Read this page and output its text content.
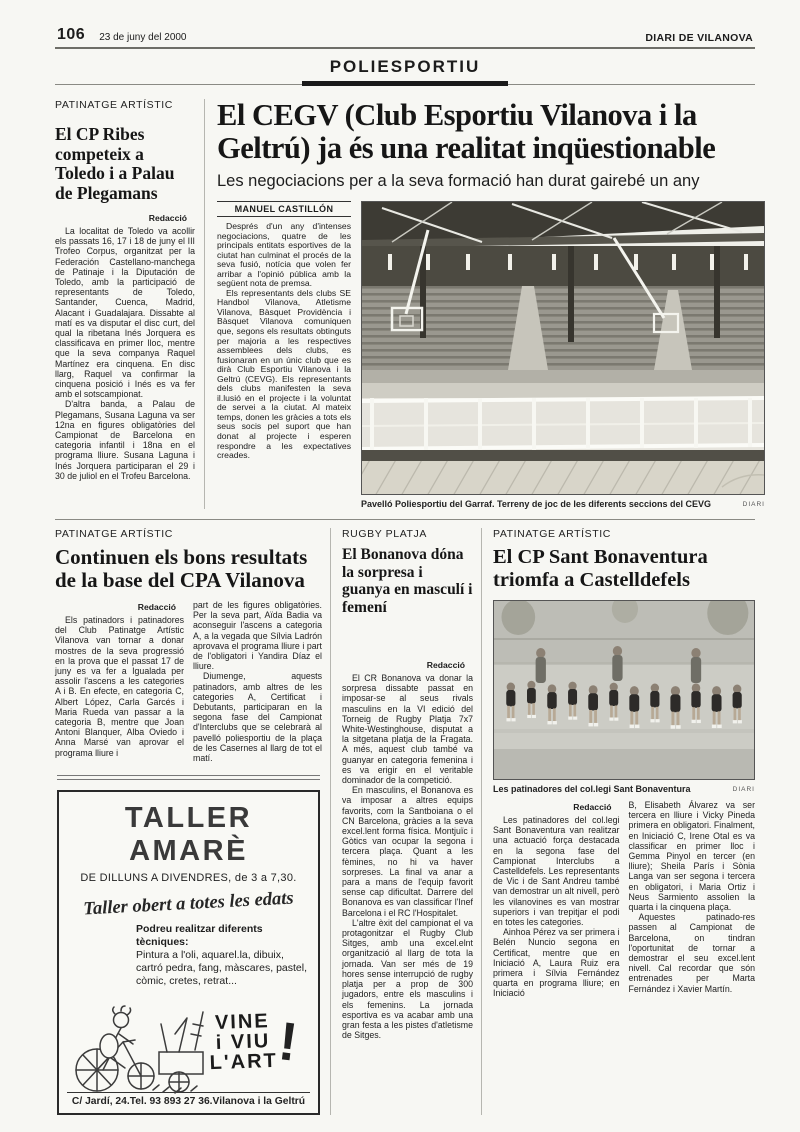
106 23 de juny del 2000	DIARI DE VILANOVA
POLIESPORTIU
PATINATGE ARTÍSTIC
El CP Ribes competeix a Toledo i a Palau de Plegamans
Redacció

La localitat de Toledo va acollir els passats 16, 17 i 18 de juny el III Trofeo Corpus, organitzat per la Federación Castellano-manchega de Patinaje i la Diputación de Toledo, amb la participació de representants de Toledo, Santander, Cuenca, Madrid, Alacant i Guadalajara. Dissabte al matí es va disputar el disc curt, del qual la ribetana Inés Jorquera es classificava en primer lloc, mentre que la seva companya Raquel Martínez era cinquena. En disc llarg, Raquel va confirmar la cinquena posició i Inés es va fer amb el sotscampionat.

D'altra banda, a Palau de Plegamans, Susana Laguna va ser 12na en figures obligatòries del Campionat de Barcelona en categoria infantil i 18na en el programa lliure. Susana Laguna i Inés Jorquera participaran el 29 i 30 de juliol en el Trofeu Barcelona.

El CEGV (Club Esportiu Vilanova i la Geltrú) ja és una realitat inqüestionable
Les negociacions per a la seva formació han durat gairebé un any
MANUEL CASTILLÓN

Després d'un any d'intenses negociacions, quatre de les principals entitats esportives de la ciutat han culminat el procés de la seva fusió, notícia que volen fer arribar a l'opinió pública amb la següent nota de premsa.

Els representants dels clubs SE Handbol Vilanova, Atletisme Vilanova, Bàsquet Providència i Bàsquet Vilanova comuniquen que, segons els resultats obtinguts per majoria a les respectives assemblees dels clubs, es fusionaran en un únic club que es dirà Club Esportiu Vilanova i la Geltrú (CEVG). Els representants dels clubs manifesten la seva il.lusió en el projecte i la voluntat de servei a la ciutat. Al mateix temps, donen les gràcies a tots els seus socis pel suport que han donat al projecte i esperen respondre a les expectatives creades.

Pavelló Poliesportiu del Garraf. Terreny de joc de les diferents seccions del CEVG	DIARI
PATINATGE ARTÍSTIC
Continuen els bons resultats de la base del CPA Vilanova
Redacció

Els patinadors i patinadores del Club Patinatge Artístic Vilanova van tornar a donar mostres de la seva progressió en la prova que el passat 17 de juny es va fer a Igualada per assolir l'ascens a les categories A i B. En efecte, en categoria C, Albert López, Carla Garcés i Maria Rueda van passar a la categoria B, mentre que Joan Antoni Blanquer, Alba Oviedo i Anna Marsé van aprovar el programa lliure i

part de les figures obligatòries. Per la seva part, Aïda Badia va aconseguir l'ascens a categoria A, a la vegada que Sílvia Ladrón aprovava el programa lliure i part de l'obligatori i Yandira Díaz el lliure.

Diumenge, aquests patinadors, amb altres de les categories A, Certificat i Debutants, participaran en la segona fase del Campionat d'Interclubs que se celebrarà al pavelló poliesportiu de la plaça de les Casernes al llarg de tot el matí.

TALLER AMARÈ
DE DILLUNS A DIVENDRES, de 3 a 7,30.
Taller obert a totes les edats
Podreu realitzar diferents tècniques:
Pintura a l'oli, aquarel.la, dibuix, cartró pedra, fang, màscares, pastel, còmic, cretes, retrat...
VINE
i VIU
L'ART
!
C/ Jardí, 24.Tel. 93 893 27 36.Vilanova i la Geltrú
RUGBY PLATJA
El Bonanova dóna la sorpresa i guanya en masculí i femení
Redacció

El CR Bonanova va donar la sorpresa dissabte passat en imposar-se al seus rivals masculins en la VI edició del Torneig de Rugby Platja 7x7 White-Westinghouse, disputat a la sitgetana platja de la Fragata. A més, aquest club també va guanyar en categoria femenina i es va erigir en el veritable dominador de la competició.

En masculins, el Bonanova es va imposar a altres equips favorits, com la Santboiana o el CN Barcelona, gràcies a la seva excel.lent forma física. Montjuïc i Gòtics van ocupar la segona i tercera plaça. Quant a les fèmines, no hi va haver sorpreses. La final va anar a para a mans de l'equip favorit sense cap dificultat. Darrere del Bonanova es van classificar l'Inef Barcelona i el RC l'Hospitalet.

L'altre èxit del campionat el va protagonitzar el Rugby Club Sitges, amb una excel.elnt organització al llarg de tota la jornada. Van ser més de 19 hores sense interrupció de rugby platja per a prop de 300 jugadors, entre els masculins i els femenins. La jornada esportiva es va acabar amb una gran festa a les pistes d'atletisme de Sitges.

PATINATGE ARTÍSTIC
El CP Sant Bonaventura triomfa a Castelldefels
Les patinadores del col.legi Sant Bonaventura	DIARI
Redacció

Les patinadores del col.legi Sant Bonaventura van realitzar una actuació força destacada en la segona fase del Campionat Interclubs a Castelldefels. Les representants de Vic i de Sant Andreu també van demostrar un alt nivell, però les vilanovines es van mostrar superiors i van trepitjar el podi en totes les categories.

Ainhoa Pérez va ser primera i Belén Nuncio segona en Certificat, mentre que en Iniciació A, Laura Ruiz era primera i Sílvia Fernández quarta en programa lliure; en Iniciació

B, Elisabeth Álvarez va ser tercera en lliure i Vicky Pineda primera en obligatori. Finalment, en Iniciació C, Irene Otal es va classificar en primer lloc i Gemma Pinyol en tercer (en lliure); Sheila París i Sònia Langa van ser segona i tercera en obligatori, i Maria Ortiz i Neus Sarmiento assolien la quarta i la cinquena plaça.

Aquestes patinado-res passen al Campionat de Barcelona, on tindran l'oportunitat de tornar a demostrar el seu excel.lent nivell. Cal recordar que són entrenades per Marta Fernández i Xavier Martín.
